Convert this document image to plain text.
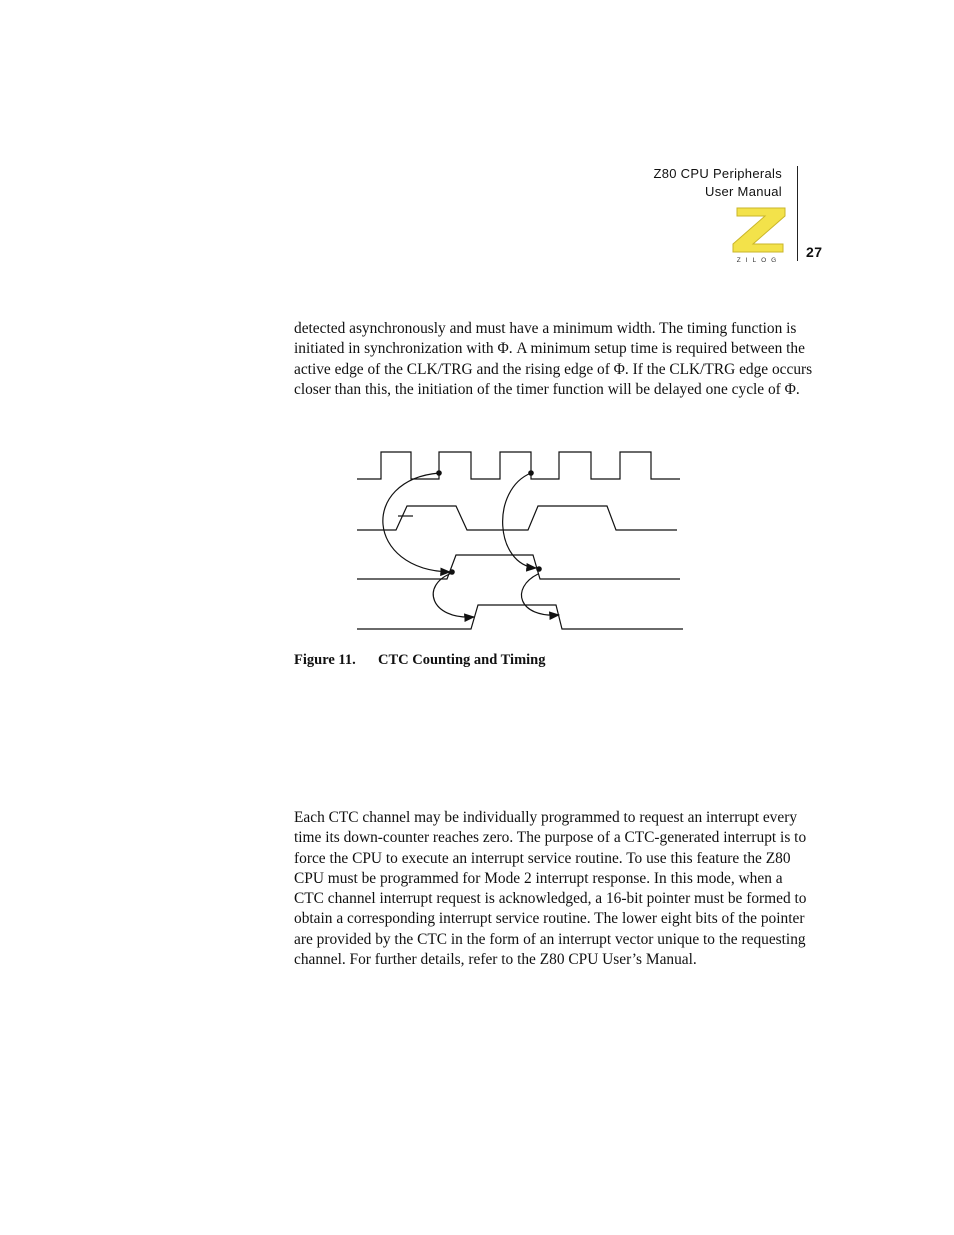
Z80 CPU Peripherals
User Manual
27
ZILOG

detected asynchronously and must have a minimum width. The timing function is initiated in synchronization with Φ. A minimum setup time is required between the active edge of the CLK/TRG and the rising edge of Φ. If the CLK/TRG edge occurs closer than this, the initiation of the timer function will be delayed one cycle of Φ.

Figure 11. CTC Counting and Timing

Each CTC channel may be individually programmed to request an interrupt every time its down-counter reaches zero. The purpose of a CTC-generated interrupt is to force the CPU to execute an interrupt service routine. To use this feature the Z80 CPU must be programmed for Mode 2 interrupt response. In this mode, when a CTC channel interrupt request is acknowledged, a 16-bit pointer must be formed to obtain a corresponding interrupt service routine. The lower eight bits of the pointer are provided by the CTC in the form of an interrupt vector unique to the requesting channel. For further details, refer to the Z80 CPU User’s Manual.
